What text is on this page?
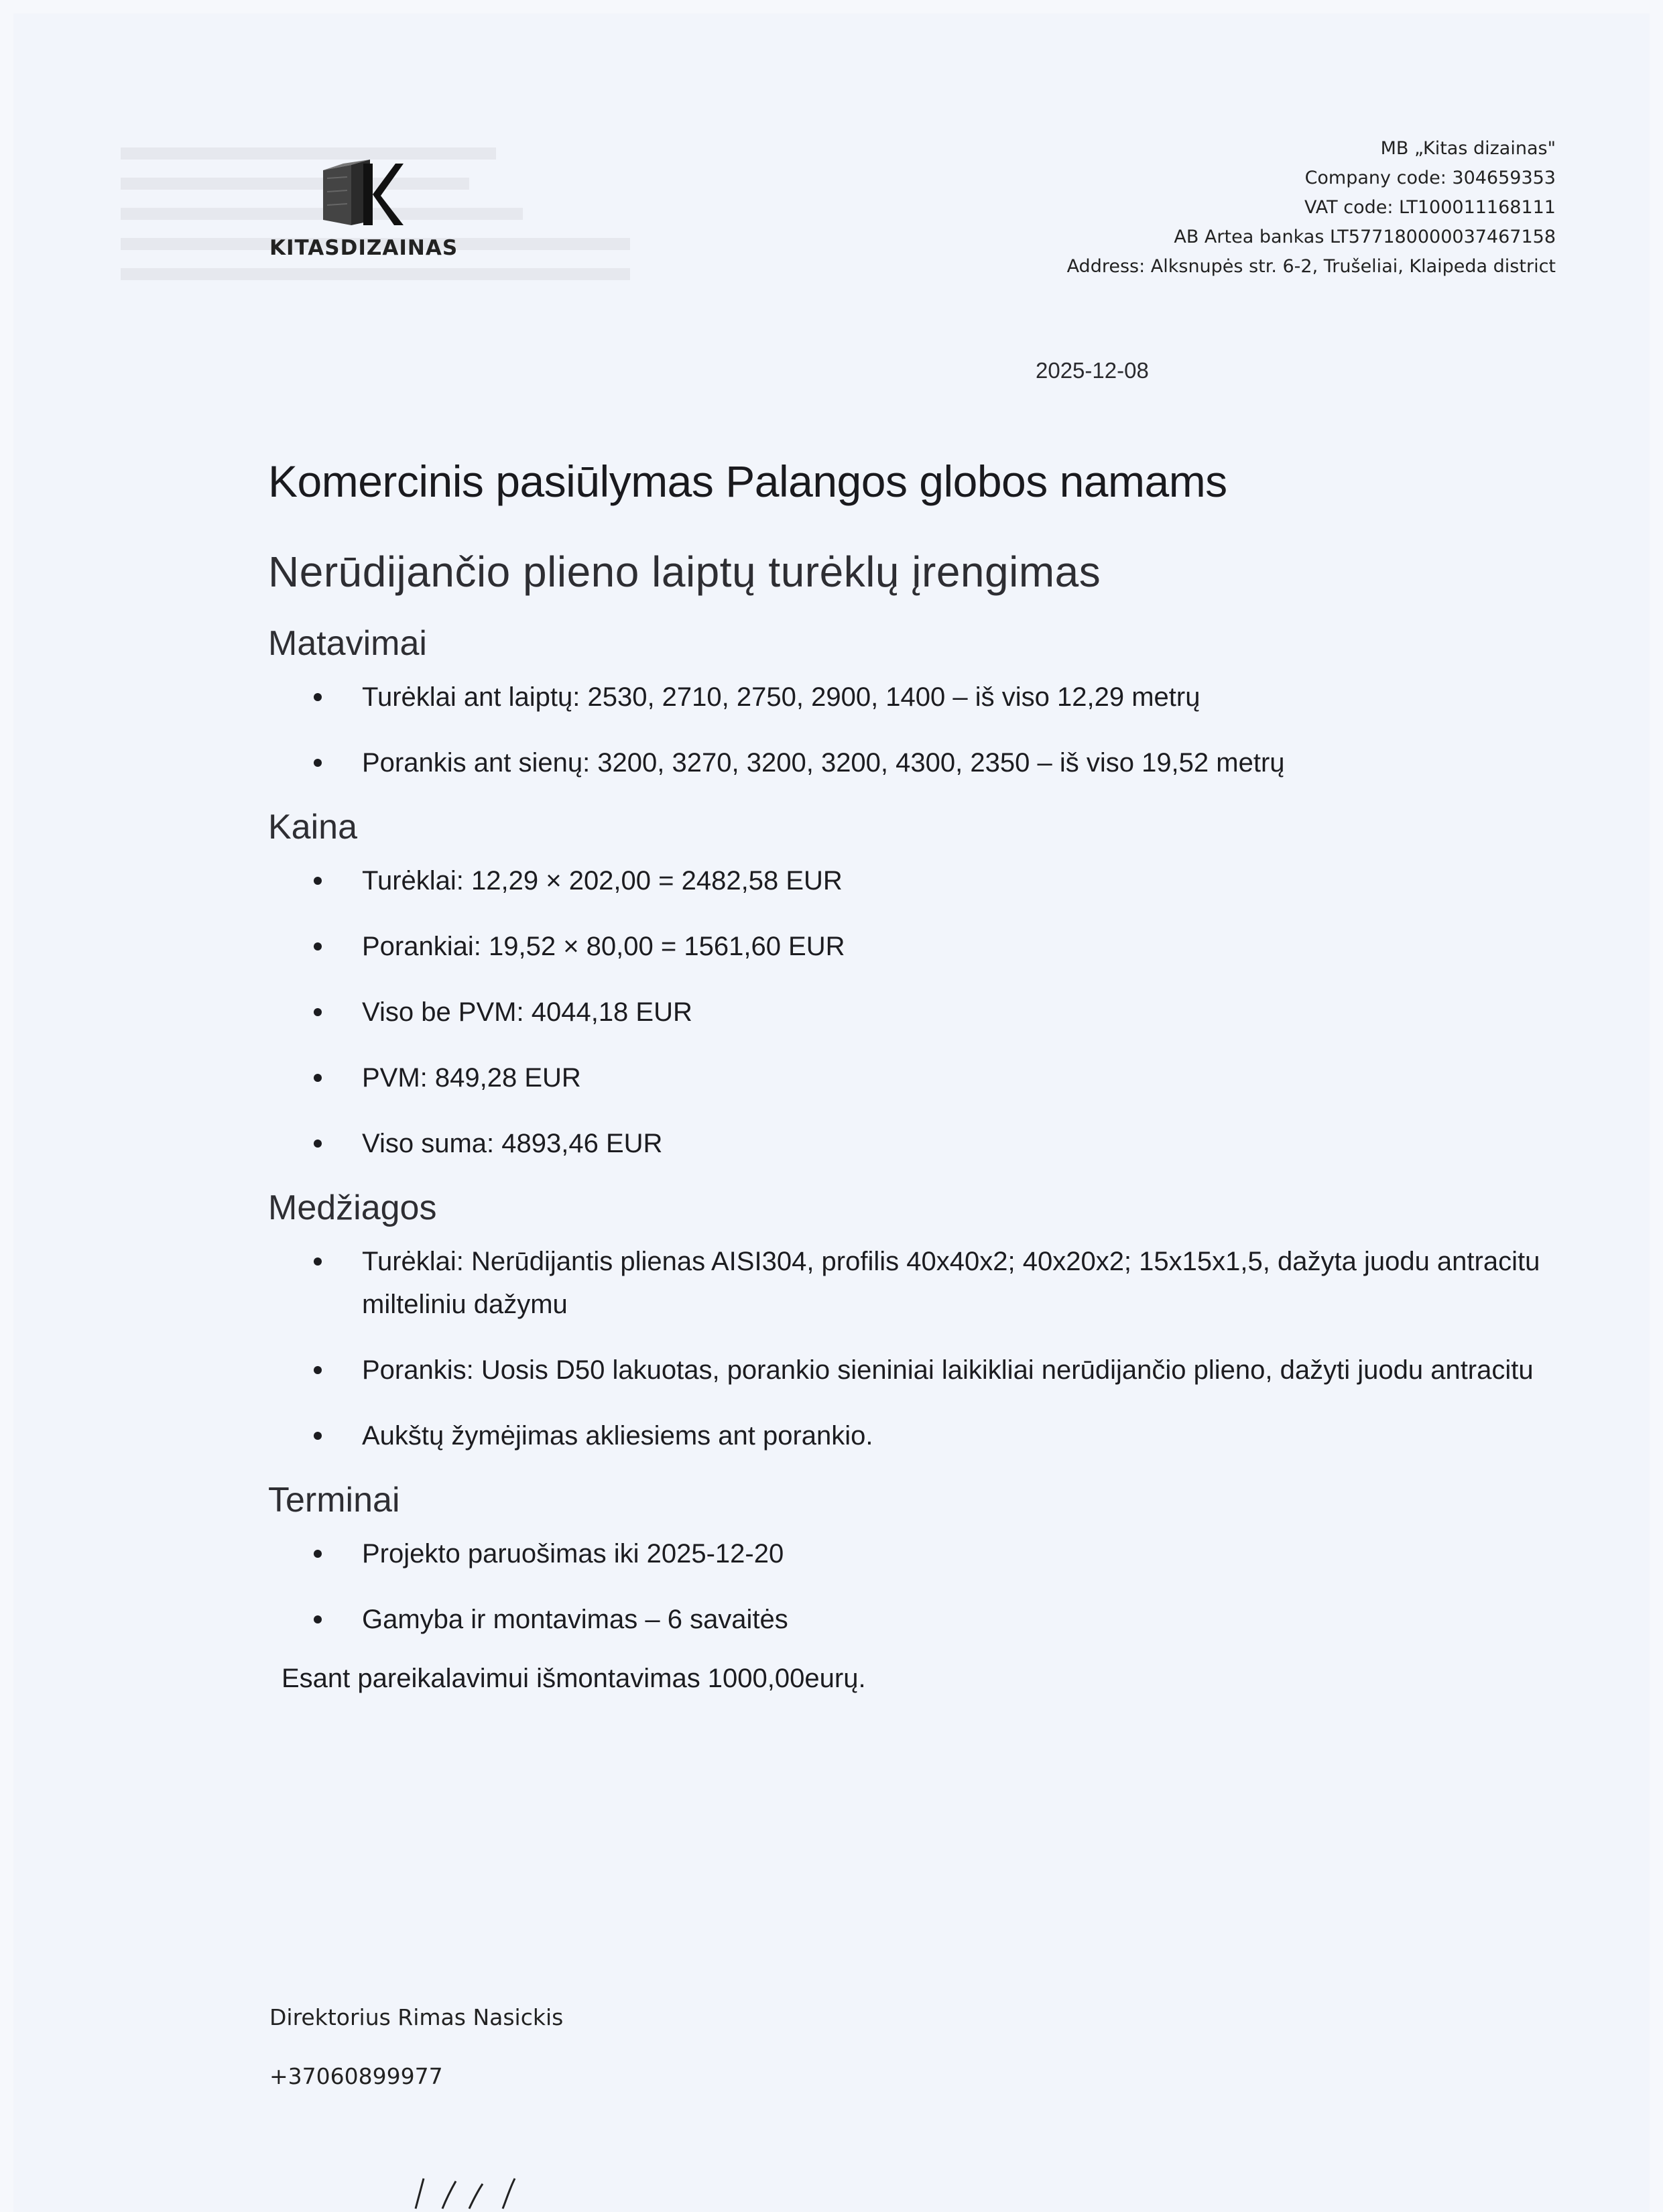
KITASDIZAINAS
MB „Kitas dizainas"
Company code: 304659353
VAT code: LT100011168111
AB Artea bankas LT577180000037467158
Address: Alksnupės str. 6-2, Trušeliai, Klaipeda district
2025-12-08
Komercinis pasiūlymas Palangos globos namams
Nerūdijančio plieno laiptų turėklų įrengimas
Matavimai
Turėklai ant laiptų: 2530, 2710, 2750, 2900, 1400 – iš viso 12,29 metrų
Porankis ant sienų: 3200, 3270, 3200, 3200, 4300, 2350 – iš viso 19,52 metrų
Kaina
Turėklai: 12,29 × 202,00 = 2482,58 EUR
Porankiai: 19,52 × 80,00 = 1561,60 EUR
Viso be PVM: 4044,18 EUR
PVM: 849,28 EUR
Viso suma: 4893,46 EUR
Medžiagos
Turėklai: Nerūdijantis plienas AISI304, profilis 40x40x2; 40x20x2; 15x15x1,5, dažyta juodu antracitu milteliniu dažymu
Porankis: Uosis D50 lakuotas, porankio sieniniai laikikliai nerūdijančio plieno, dažyti juodu antracitu
Aukštų žymėjimas akliesiems ant porankio.
Terminai
Projekto paruošimas iki 2025-12-20
Gamyba ir montavimas – 6 savaitės

Esant pareikalavimui išmontavimas 1000,00eurų.

Direktorius Rimas Nasickis
+37060899977
